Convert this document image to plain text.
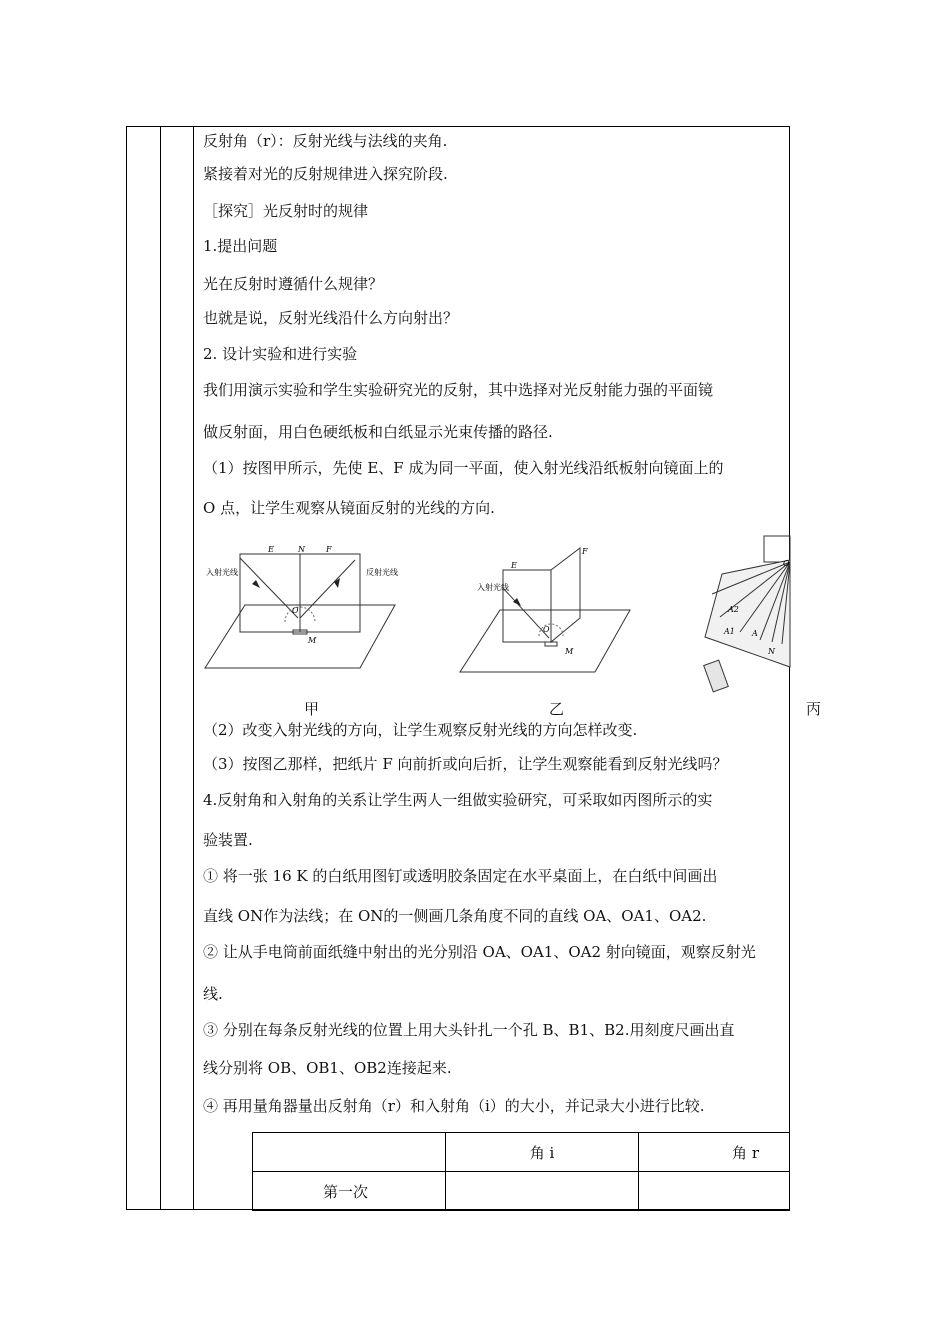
反射角（r）：反射光线与法线的夹角.
紧接着对光的反射规律进入探究阶段.
［探究］光反射时的规律
1.提出问题
光在反射时遵循什么规律？
也就是说，反射光线沿什么方向射出？
2. 设计实验和进行实验
我们用演示实验和学生实验研究光的反射，其中选择对光反射能力强的平面镜
做反射面，用白色硬纸板和白纸显示光束传播的路径.
（1）按图甲所示，先使 E、F 成为同一平面，使入射光线沿纸板射向镜面上的
O 点，让学生观察从镜面反射的光线的方向.
（2）改变入射光线的方向，让学生观察反射光线的方向怎样改变.
（3）按图乙那样，把纸片 F 向前折或向后折，让学生观察能看到反射光线吗？
4.反射角和入射角的关系让学生两人一组做实验研究，可采取如丙图所示的实
验装置.
① 将一张 16 K 的白纸用图钉或透明胶条固定在水平桌面上，在白纸中间画出
直线 ON作为法线；在 ON的一侧画几条角度不同的直线 OA、OA1、OA2.
② 让从手电筒前面纸缝中射出的光分别沿 OA、OA1、OA2 射向镜面，观察反射光
线.
③ 分别在每条反射光线的位置上用大头针扎一个孔 B、B1、B2.用刻度尺画出直
线分别将 OB、OB1、OB2连接起来.
④ 再用量角器量出反射角（r）和入射角（i）的大小，并记录大小进行比较.
E	N	F
O
M
入射光线	反射光线
甲
E
F
O
M
入射光线
乙
O
A2
A1 A
N
丙
	角 i	角 r
第一次		
